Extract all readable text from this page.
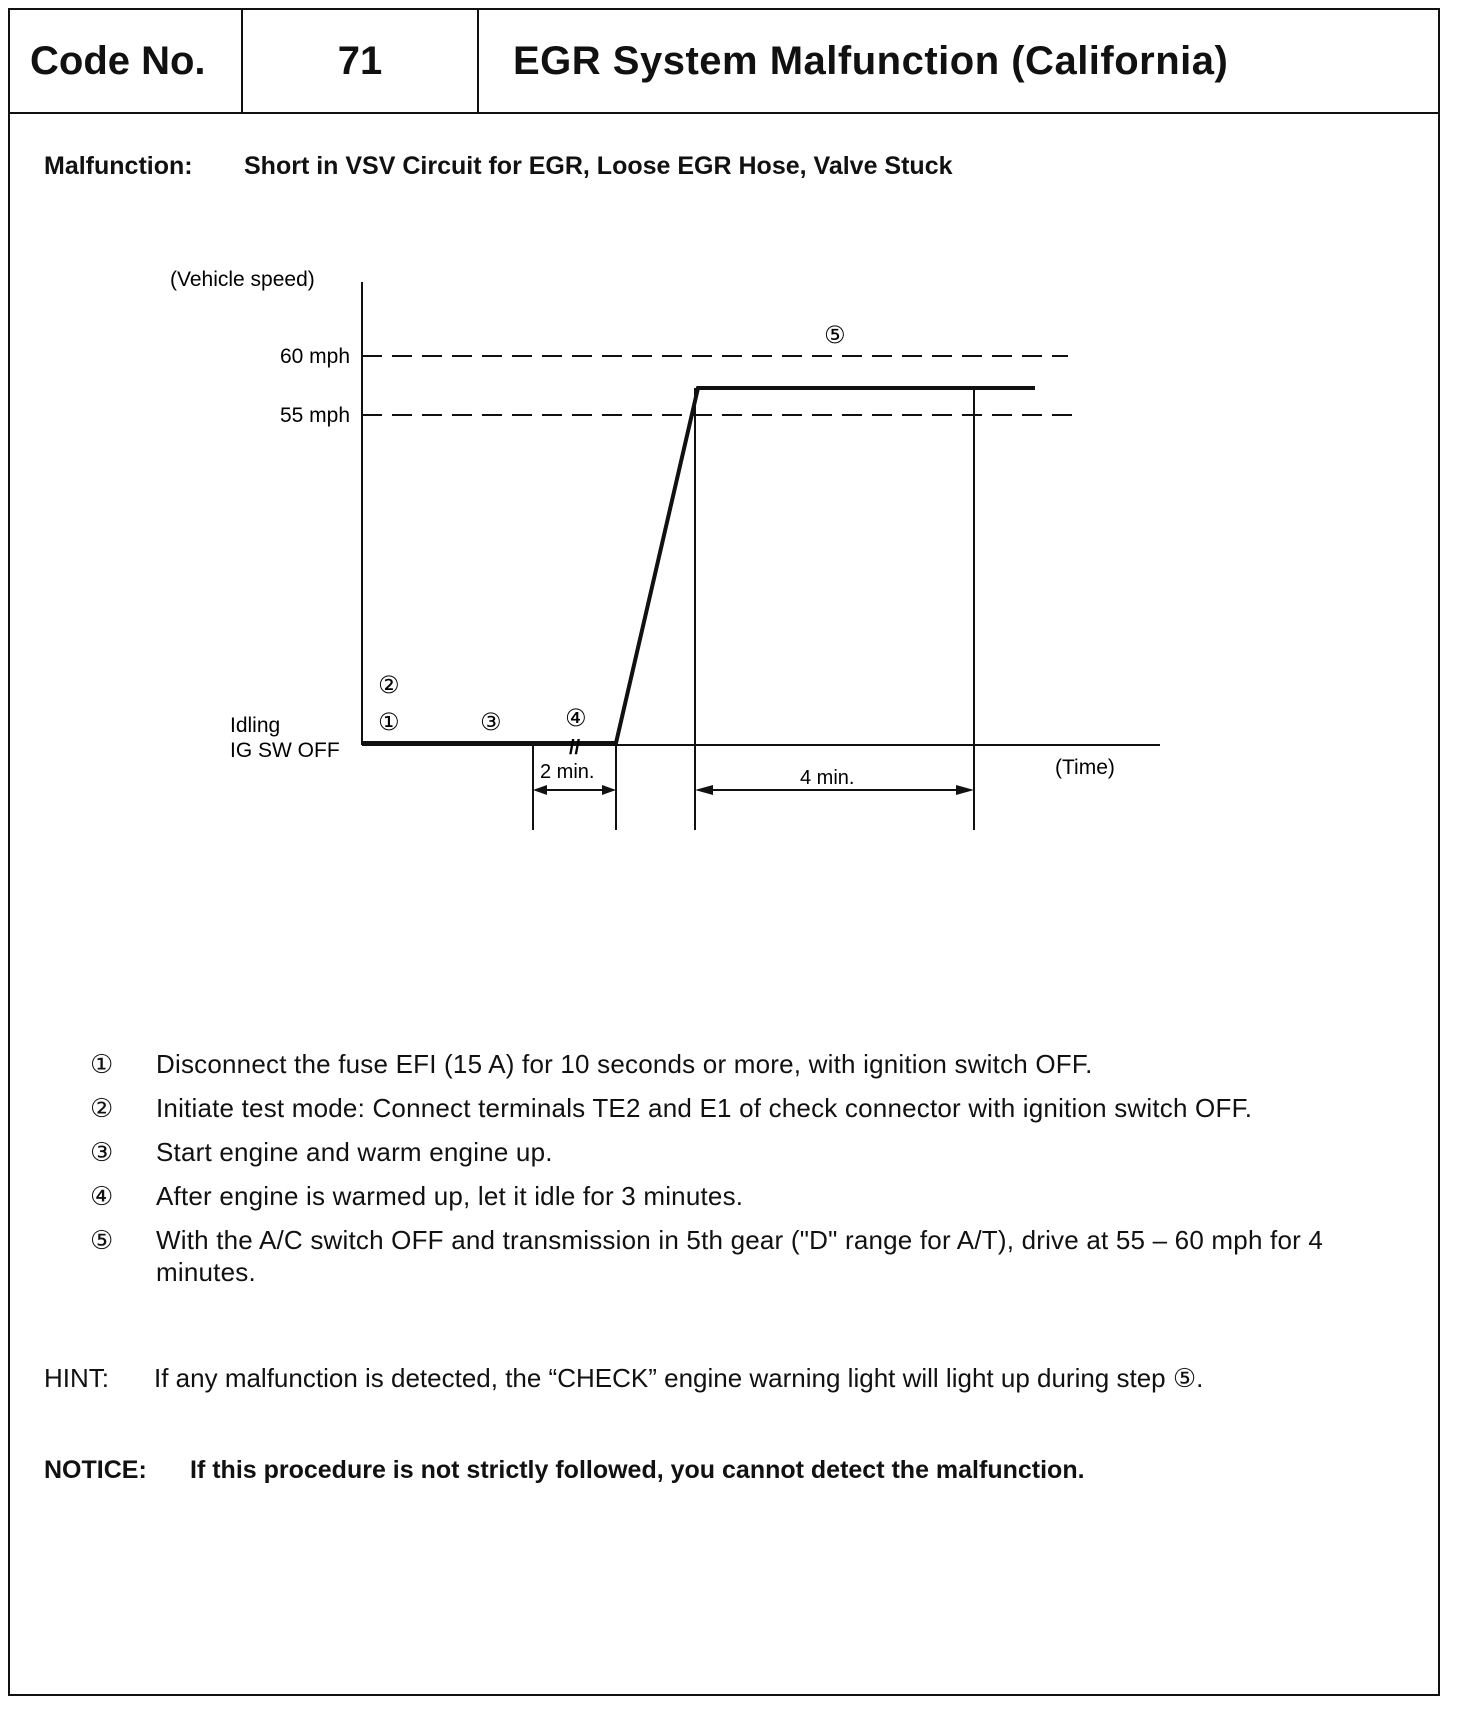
Code No.	71	EGR System Malfunction (California)
Malfunction: Short in VSV Circuit for EGR, Loose EGR Hose, Valve Stuck
//
(Vehicle speed)
(Time)
60 mph
55 mph
Idling
IG SW OFF
2 min.	4 min.
①
②
③	④
⑤
①	Disconnect the fuse EFI (15 A) for 10 seconds or more, with ignition switch OFF.
②	Initiate test mode: Connect terminals TE2 and E1 of check connector with ignition switch OFF.
③	Start engine and warm engine up.
④	After engine is warmed up, let it idle for 3 minutes.
⑤	With the A/C switch OFF and transmission in 5th gear ("D" range for A/T), drive at 55 – 60 mph for 4 minutes.
HINT: If any malfunction is detected, the “CHECK” engine warning light will light up during step ⑤.
NOTICE: If this procedure is not strictly followed, you cannot detect the malfunction.
